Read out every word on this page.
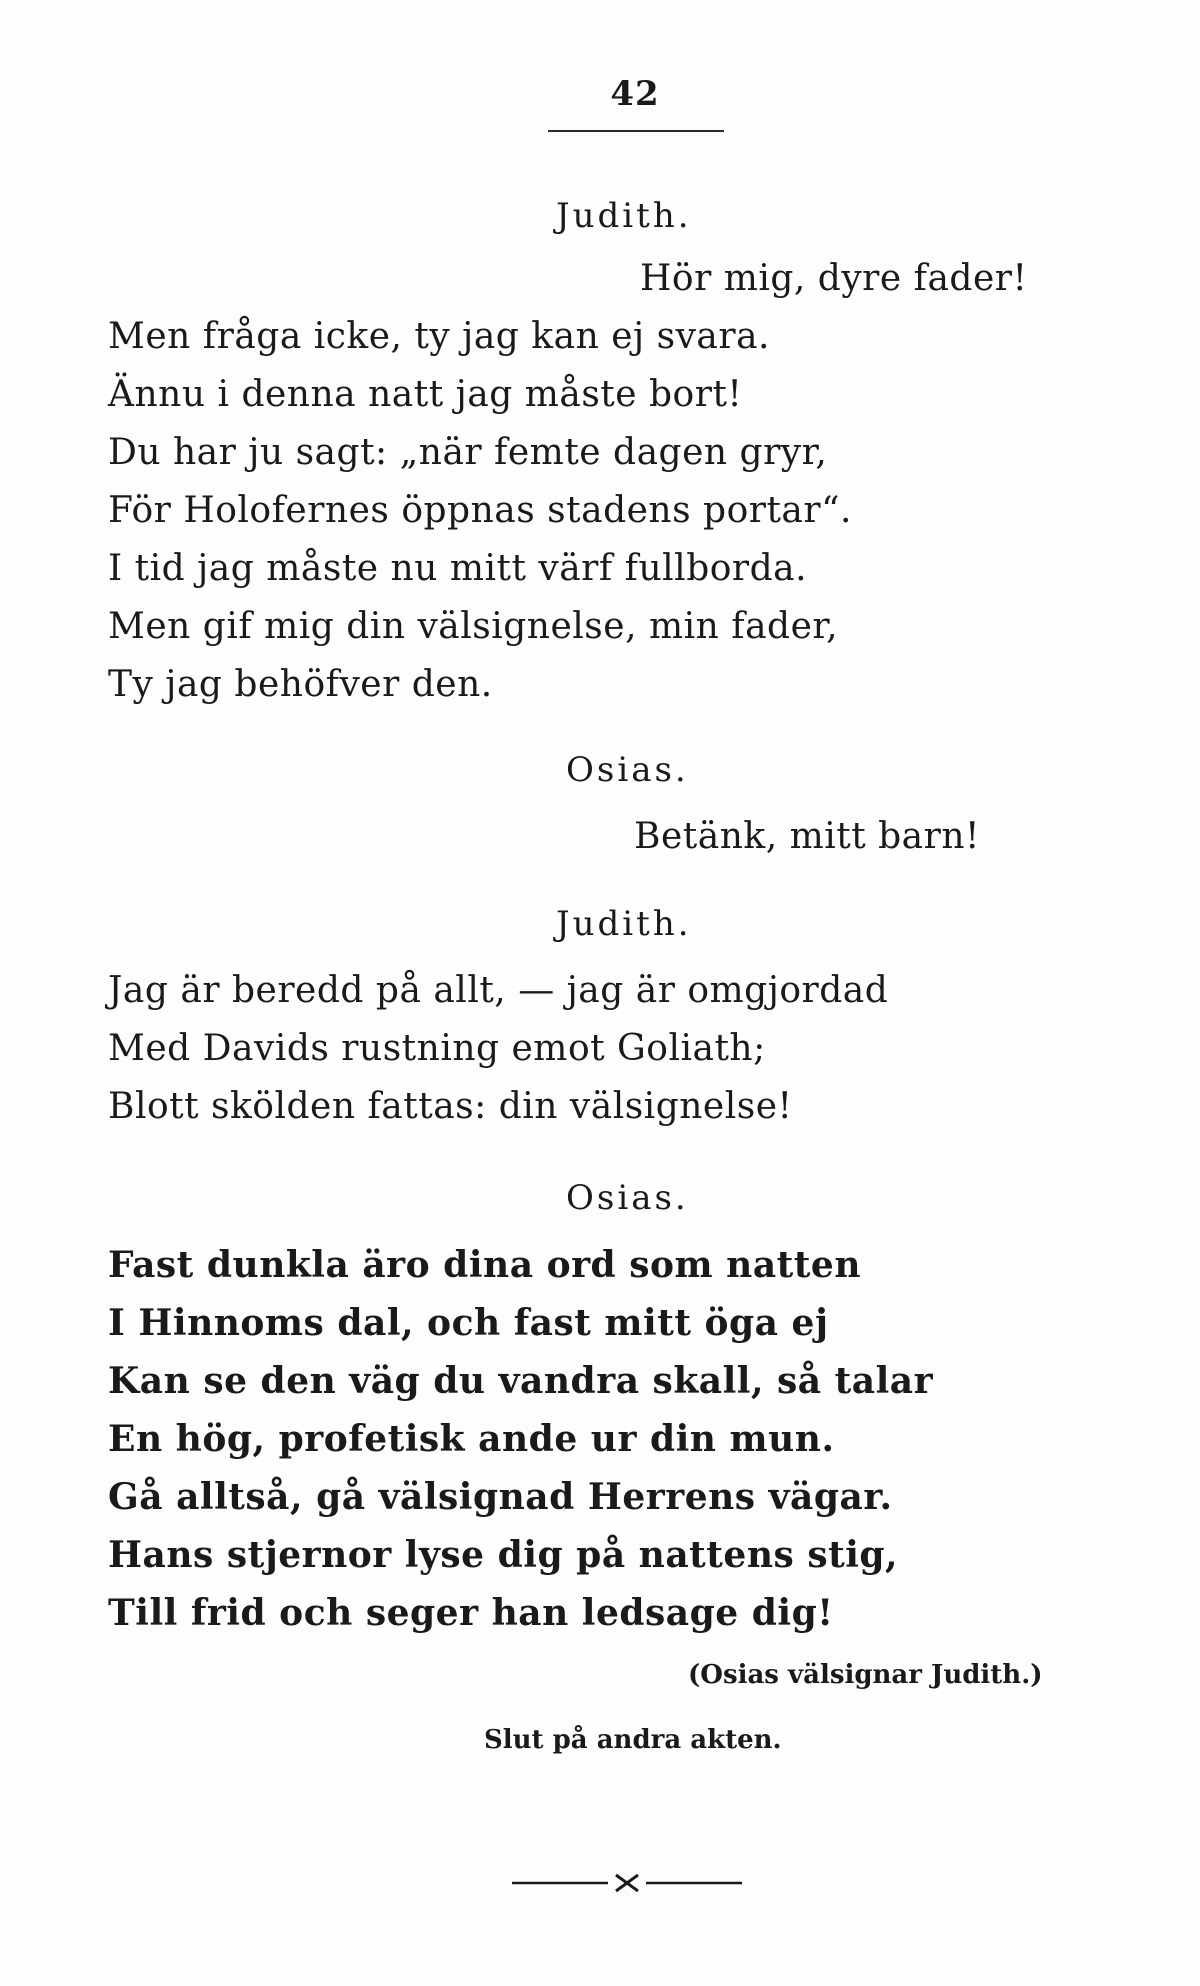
42
Judith.
Hör mig, dyre fader!
Men fråga icke, ty jag kan ej svara.
Ännu i denna natt jag måste bort!
Du har ju sagt: „när femte dagen gryr,
För Holofernes öppnas stadens portar“.
I tid jag måste nu mitt värf fullborda.
Men gif mig din välsignelse, min fader,
Ty jag behöfver den.
Osias.
Betänk, mitt barn!
Judith.
Jag är beredd på allt, — jag är omgjordad
Med Davids rustning emot Goliath;
Blott skölden fattas: din välsignelse!
Osias.
Fast dunkla äro dina ord som natten
I Hinnoms dal, och fast mitt öga ej
Kan se den väg du vandra skall, så talar
En hög, profetisk ande ur din mun.
Gå alltså, gå välsignad Herrens vägar.
Hans stjernor lyse dig på nattens stig,
Till frid och seger han ledsage dig!
(Osias välsignar Judith.)
Slut på andra akten.
